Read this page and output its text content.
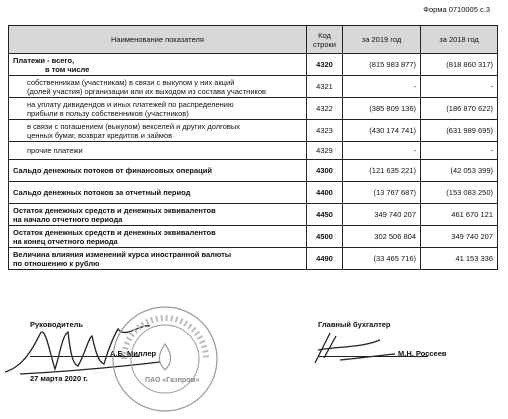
Форма 0710005 с.3
Наименование показателя	Код
строки	за 2019 год	за 2018 год

Платежи - всего,
в том числе	4320	(815 983 877)	(818 860 317)

собственникам (участникам) в связи с выкупом у них акций
(долей участия) организации или их выходом из состава участников	4321	-	-

на уплату дивидендов и иных платежей по распределению
прибыли в пользу собственников (участников)	4322	(385 809 136)	(186 870 622)

в связи с погашением (выкупом) векселей и других долговых
ценных бумаг, возврат кредитов и займов	4323	(430 174 741)	(631 989 695)

прочие платежи	4329	-	-

Сальдо денежных потоков от финансовых операций	4300	(121 635 221)	(42 053 399)

Сальдо денежных потоков за отчетный период	4400	(13 767 687)	(153 083 250)

Остаток денежных средств и денежных эквивалентов
на начало отчетного периода	4450	349 740 207	461 670 121

Остаток денежных средств и денежных эквивалентов
на конец отчетного периода	4500	302 506 804	349 740 207

Величина влияния изменений курса иностранной валюты
по отношению к рублю	4490	(33 465 716)	41 153 336
Руководитель
А.Б. Миллер
27 марта 2020 г.	ПАО «Газпром»
Главный бухгалтер
М.Н. Россеев
